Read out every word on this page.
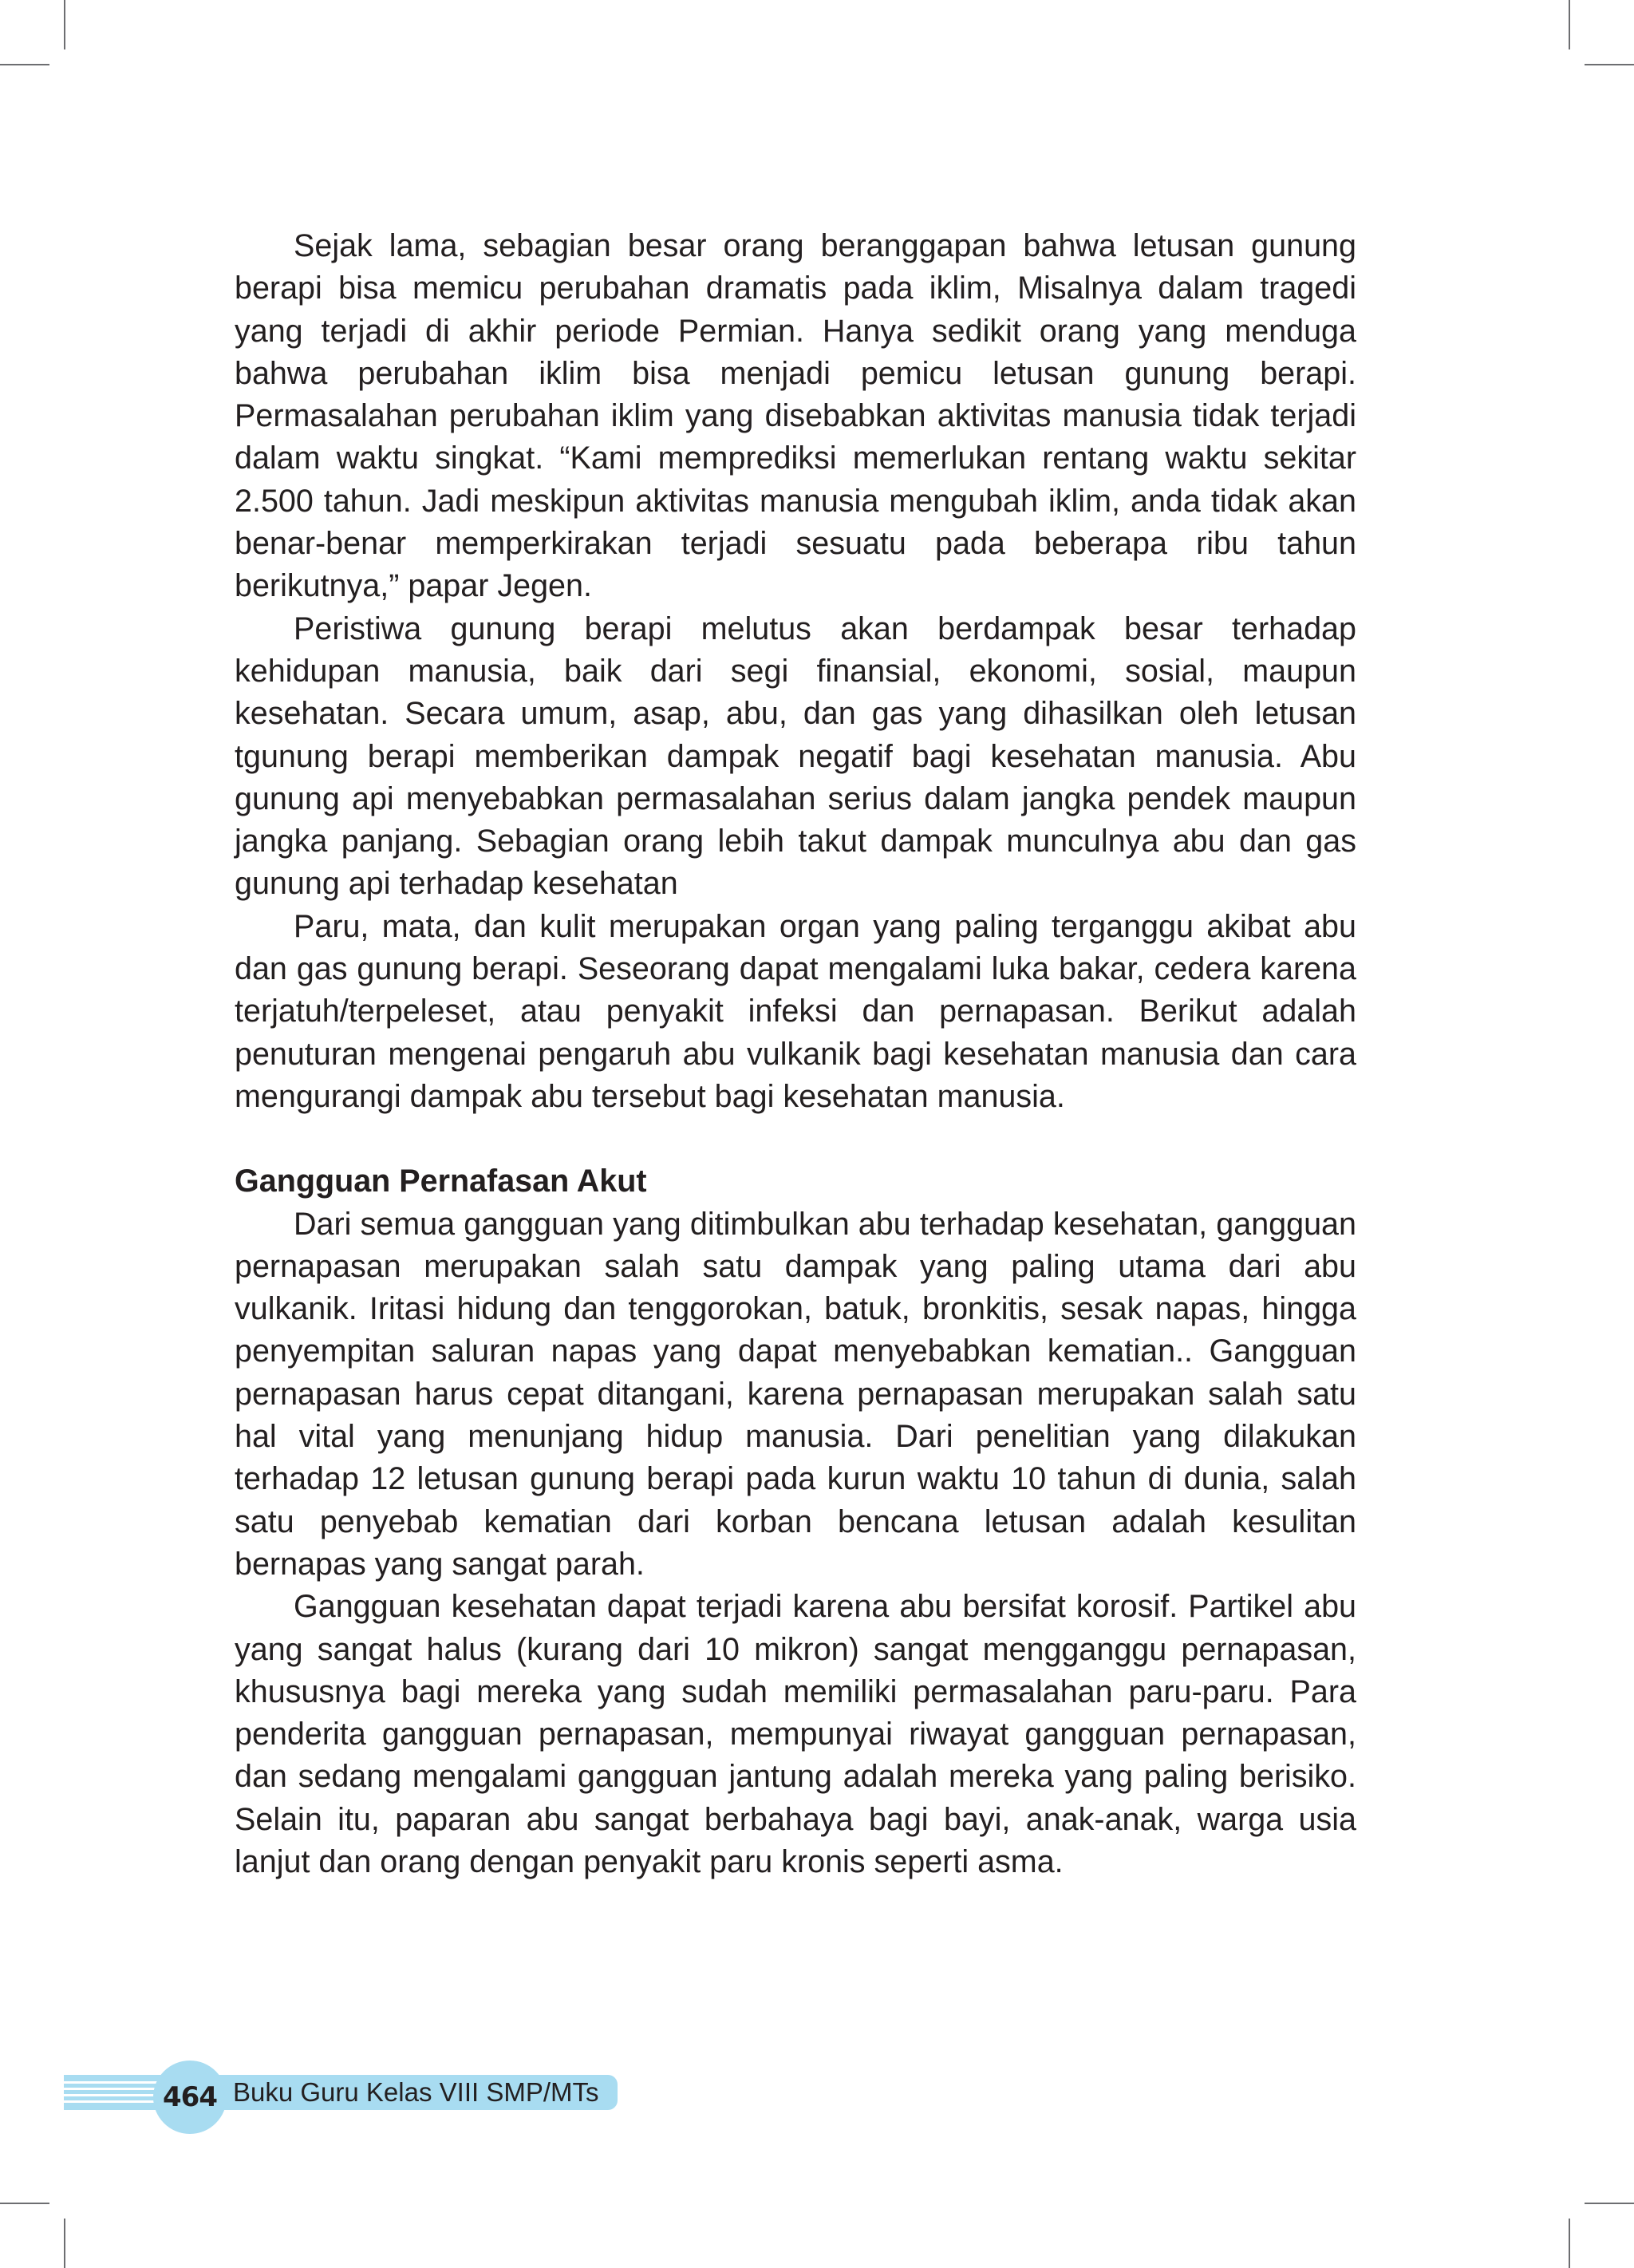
Sejak lama, sebagian besar orang beranggapan bahwa letusan gunung berapi bisa memicu perubahan dramatis pada iklim, Misalnya dalam tragedi yang terjadi di akhir periode Permian. Hanya sedikit orang yang menduga bahwa perubahan iklim bisa menjadi pemicu letusan gunung berapi. Permasalahan perubahan iklim yang disebabkan aktivitas manusia tidak terjadi dalam waktu singkat. “Kami memprediksi memerlukan rentang waktu sekitar 2.500 tahun. Jadi meskipun aktivitas manusia mengubah iklim, anda tidak akan benar-benar memperkirakan terjadi sesuatu pada beberapa ribu tahun berikutnya,” papar Jegen.

Peristiwa gunung berapi melutus akan berdampak besar terhadap kehidupan manusia, baik dari segi finansial, ekonomi, sosial, maupun kesehatan. Secara umum, asap, abu, dan gas yang dihasilkan oleh letusan tgunung berapi memberikan dampak negatif bagi kesehatan manusia. Abu gunung api menyebabkan permasalahan serius dalam jangka pendek maupun jangka panjang. Sebagian orang lebih takut dampak munculnya abu dan gas gunung api terhadap kesehatan

Paru, mata, dan kulit merupakan organ yang paling terganggu akibat abu dan gas gunung berapi. Seseorang dapat mengalami luka bakar, cedera karena terjatuh/terpeleset, atau penyakit infeksi dan pernapasan. Berikut adalah penuturan mengenai pengaruh abu vulkanik bagi kesehatan manusia dan cara mengurangi dampak abu tersebut bagi kesehatan manusia.

Gangguan Pernafasan Akut

Dari semua gangguan yang ditimbulkan abu terhadap kesehatan, gangguan pernapasan merupakan salah satu dampak yang paling utama dari abu vulkanik. Iritasi hidung dan tenggorokan, batuk, bronkitis, sesak napas, hingga penyempitan saluran napas yang dapat menyebabkan kematian.. Gangguan pernapasan harus cepat ditangani, karena pernapasan merupakan salah satu hal vital yang menunjang hidup manusia. Dari penelitian yang dilakukan terhadap 12 letusan gunung berapi pada kurun waktu 10 tahun di dunia, salah satu penyebab kematian dari korban bencana letusan adalah kesulitan bernapas yang sangat parah.

Gangguan kesehatan dapat terjadi karena abu bersifat korosif. Partikel abu yang sangat halus (kurang dari 10 mikron) sangat mengganggu pernapasan, khususnya bagi mereka yang sudah memiliki permasalahan paru-paru. Para penderita gangguan pernapasan, mempunyai riwayat gangguan pernapasan, dan sedang mengalami gangguan jantung adalah mereka yang paling berisiko. Selain itu, paparan abu sangat berbahaya bagi bayi, anak-anak, warga usia lanjut dan orang dengan penyakit paru kronis seperti asma.

464 Buku Guru Kelas VIII SMP/MTs
